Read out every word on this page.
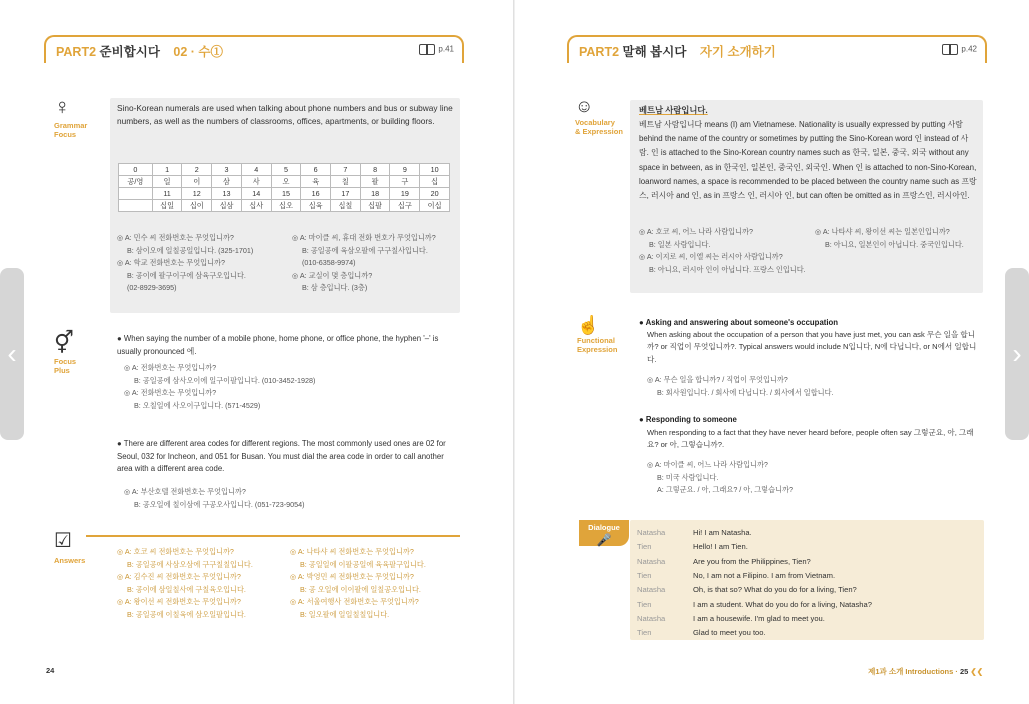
PART2 준비합시다 02 · 수①	p.41
♀
Grammar
Focus
Sino-Korean numerals are used when talking about phone numbers and bus or subway line numbers, as well as the numbers of classrooms, offices, apartments, or building floors.
0	1	2	3	4	5	6	7	8	9	10
공/영	일	이	삼	사	오	육	칠	팔	구	십
	11	12	13	14	15	16	17	18	19	20
	십일	십이	십삼	십사	십오	십육	십칠	십팔	십구	이십
◎ A: 민수 씨 전화번호는 무엇입니까?
B: 삼이오에 일칠공일입니다. (325-1701)
◎ A: 학교 전화번호는 무엇입니까?
B: 공이에 팔구이구에 삼육구오입니다.
(02-8929-3695)
◎ A: 마이클 씨, 휴대 전화 번호가 무엇입니까?
B: 공일공에 육삼오팔에 구구칠사입니다.
(010-6358-9974)
◎ A: 교실이 몇 층입니까?
B: 삼 층입니다. (3층)
⚥
Focus
Plus
● When saying the number of a mobile phone, home phone, or office phone, the hyphen '–' is usually pronounced 에.
◎ A: 전화번호는 무엇입니까?
B: 공일공에 삼사오이에 일구이팔입니다. (010-3452-1928)
◎ A: 전화번호는 무엇입니까?
B: 오칠일에 사오이구입니다. (571-4529)
● There are different area codes for different regions. The most commonly used ones are 02 for Seoul, 032 for Incheon, and 051 for Busan. You must dial the area code in order to call another area with a different area code.
◎ A: 부산호텔 전화번호는 무엇입니까?
B: 공오일에 칠이삼에 구공오사입니다. (051-723-9054)
☑
Answers
◎ A: 호코 씨 전화번호는 무엇입니까?
B: 공일공에 사삼오삼에 구구칠칠입니다.
◎ A: 김수진 씨 전화번호는 무엇입니까?
B: 공이에 삼일칠사에 구칠육오입니다.
◎ A: 왕이선 씨 전화번호는 무엇입니까?
B: 공일공에 이칠육에 삼오일팔입니다.
◎ A: 나타샤 씨 전화번호는 무엇입니까?
B: 공일일에 이팔공일에 육육팔구입니다.
◎ A: 박영민 씨 전화번호는 무엇입니까?
B: 공 오일에 이이팔에 일칠공오입니다.
◎ A: 서울여행사 전화번호는 무엇입니까?
B: 일오팔에 일일칠칠입니다.
24
PART2 말해 봅시다 자기 소개하기	p.42
☺
Vocabulary
& Expression
베트남 사람입니다.
베트남 사람입니다 means (I) am Vietnamese. Nationality is usually expressed by putting 사람 behind the name of the country or sometimes by putting the Sino-Korean word 인 instead of 사람. 인 is attached to the Sino-Korean country names such as 한국, 일본, 중국, 외국 without any space in between, as in 한국인, 일본인, 중국인, 외국인. When 인 is attached to non-Sino-Korean, loanword names, a space is recommended to be placed between the country name such as 프랑스, 러시아 and 인, as in 프랑스 인, 러시아 인, but can often be omitted as in 프랑스인, 러시아인.
◎ A: 호코 씨, 어느 나라 사람입니까?
B: 일본 사람입니다.
◎ A: 이지로 씨, 이엘 씨는 러시아 사람입니까?
B: 아니요, 러시아 인이 아닙니다. 프랑스 인입니다.
◎ A: 나타샤 씨, 왕이선 씨는 일본인입니까?
B: 아니요, 일본인이 아닙니다. 중국인입니다.
☝
Functional
Expression
● Asking and answering about someone's occupation
When asking about the occupation of a person that you have just met, you can ask 무슨 일을 합니까? or 직업이 무엇입니까?. Typical answers would include N입니다, N에 다닙니다, or N에서 일합니다.
◎ A: 무슨 일을 합니까? / 직업이 무엇입니까?
B: 회사원입니다. / 회사에 다닙니다. / 회사에서 일합니다.
● Responding to someone
When responding to a fact that they have never heard before, people often say 그렇군요, 아, 그래요? or 아, 그렇습니까?.
◎ A: 마이클 씨, 어느 나라 사람입니까?
B: 미국 사람입니다.
A: 그렇군요. / 아, 그래요? / 아, 그렇습니까?
Dialogue
🎤
Natasha	Hi! I am Natasha.
Tien	Hello! I am Tien.
Natasha	Are you from the Philippines, Tien?
Tien	No, I am not a Filipino. I am from Vietnam.
Natasha	Oh, is that so? What do you do for a living, Tien?
Tien	I am a student. What do you do for a living, Natasha?
Natasha	I am a housewife. I'm glad to meet you.
Tien	Glad to meet you too.
제1과 소개 Introductions · 25 ❮❮
‹	›
